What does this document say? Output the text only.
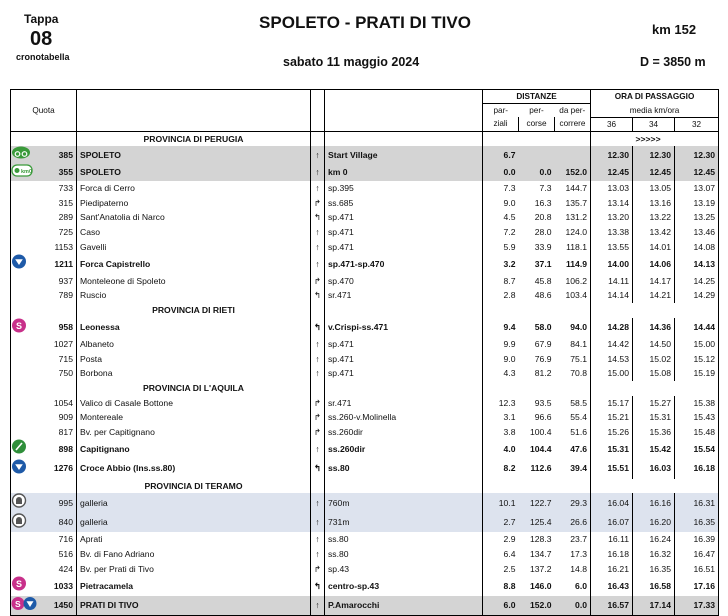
Tappa
08
cronotabella
SPOLETO - PRATI DI TIVO	km 152
sabato 11 maggio 2024	D = 3850 m
					DISTANZE			ORA DI PASSAGGIO		
Quota					par-	per-	da per-	media km/ora		
					ziali	corse	correre	36	34	32
		PROVINCIA DI PERUGIA							>>>>>	
	385	SPOLETO	↑	Start Village	6.7			12.30	12.30	12.30

km0	355	SPOLETO	↑	km 0	0.0	0.0	152.0	12.45	12.45	12.45
	733	Forca di Cerro	↑	sp.395	7.3	7.3	144.7	13.03	13.05	13.07
	315	Piedipaterno	↱	ss.685	9.0	16.3	135.7	13.14	13.16	13.19
	289	Sant'Anatolia di Narco	↰	sp.471	4.5	20.8	131.2	13.20	13.22	13.25
	725	Caso	↑	sp.471	7.2	28.0	124.0	13.38	13.42	13.46
	1153	Gavelli	↑	sp.471	5.9	33.9	118.1	13.55	14.01	14.08
	1211	Forca Capistrello	↑	sp.471-sp.470	3.2	37.1	114.9	14.00	14.06	14.13
	937	Monteleone di Spoleto	↱	sp.470	8.7	45.8	106.2	14.11	14.17	14.25
	789	Ruscio	↰	sr.471	2.8	48.6	103.4	14.14	14.21	14.29
		PROVINCIA DI RIETI								

S	958	Leonessa	↰	v.Crispi-ss.471	9.4	58.0	94.0	14.28	14.36	14.44
	1027	Albaneto	↑	sp.471	9.9	67.9	84.1	14.42	14.50	15.00
	715	Posta	↑	sp.471	9.0	76.9	75.1	14.53	15.02	15.12
	750	Borbona	↑	sp.471	4.3	81.2	70.8	15.00	15.08	15.19
		PROVINCIA DI L'AQUILA								
	1054	Valico di Casale Bottone	↱	sr.471	12.3	93.5	58.5	15.17	15.27	15.38
	909	Montereale	↱	ss.260-v.Molinella	3.1	96.6	55.4	15.21	15.31	15.43
	817	Bv. per Capitignano	↱	ss.260dir	3.8	100.4	51.6	15.26	15.36	15.48
	898	Capitignano	↑	ss.260dir	4.0	104.4	47.6	15.31	15.42	15.54
	1276	Croce Abbio (Ins.ss.80)	↰	ss.80	8.2	112.6	39.4	15.51	16.03	16.18
		PROVINCIA DI TERAMO								
	995	galleria	↑	760m	10.1	122.7	29.3	16.04	16.16	16.31
	840	galleria	↑	731m	2.7	125.4	26.6	16.07	16.20	16.35
	716	Aprati	↑	ss.80	2.9	128.3	23.7	16.11	16.24	16.39
	516	Bv. di Fano Adriano	↑	ss.80	6.4	134.7	17.3	16.18	16.32	16.47
	424	Bv. per Prati di Tivo	↱	sp.43	2.5	137.2	14.8	16.21	16.35	16.51

S	1033	Pietracamela	↰	centro-sp.43	8.8	146.0	6.0	16.43	16.58	17.16

S	1450	PRATI DI TIVO	↑	P.Amarocchi	6.0	152.0	0.0	16.57	17.14	17.33
